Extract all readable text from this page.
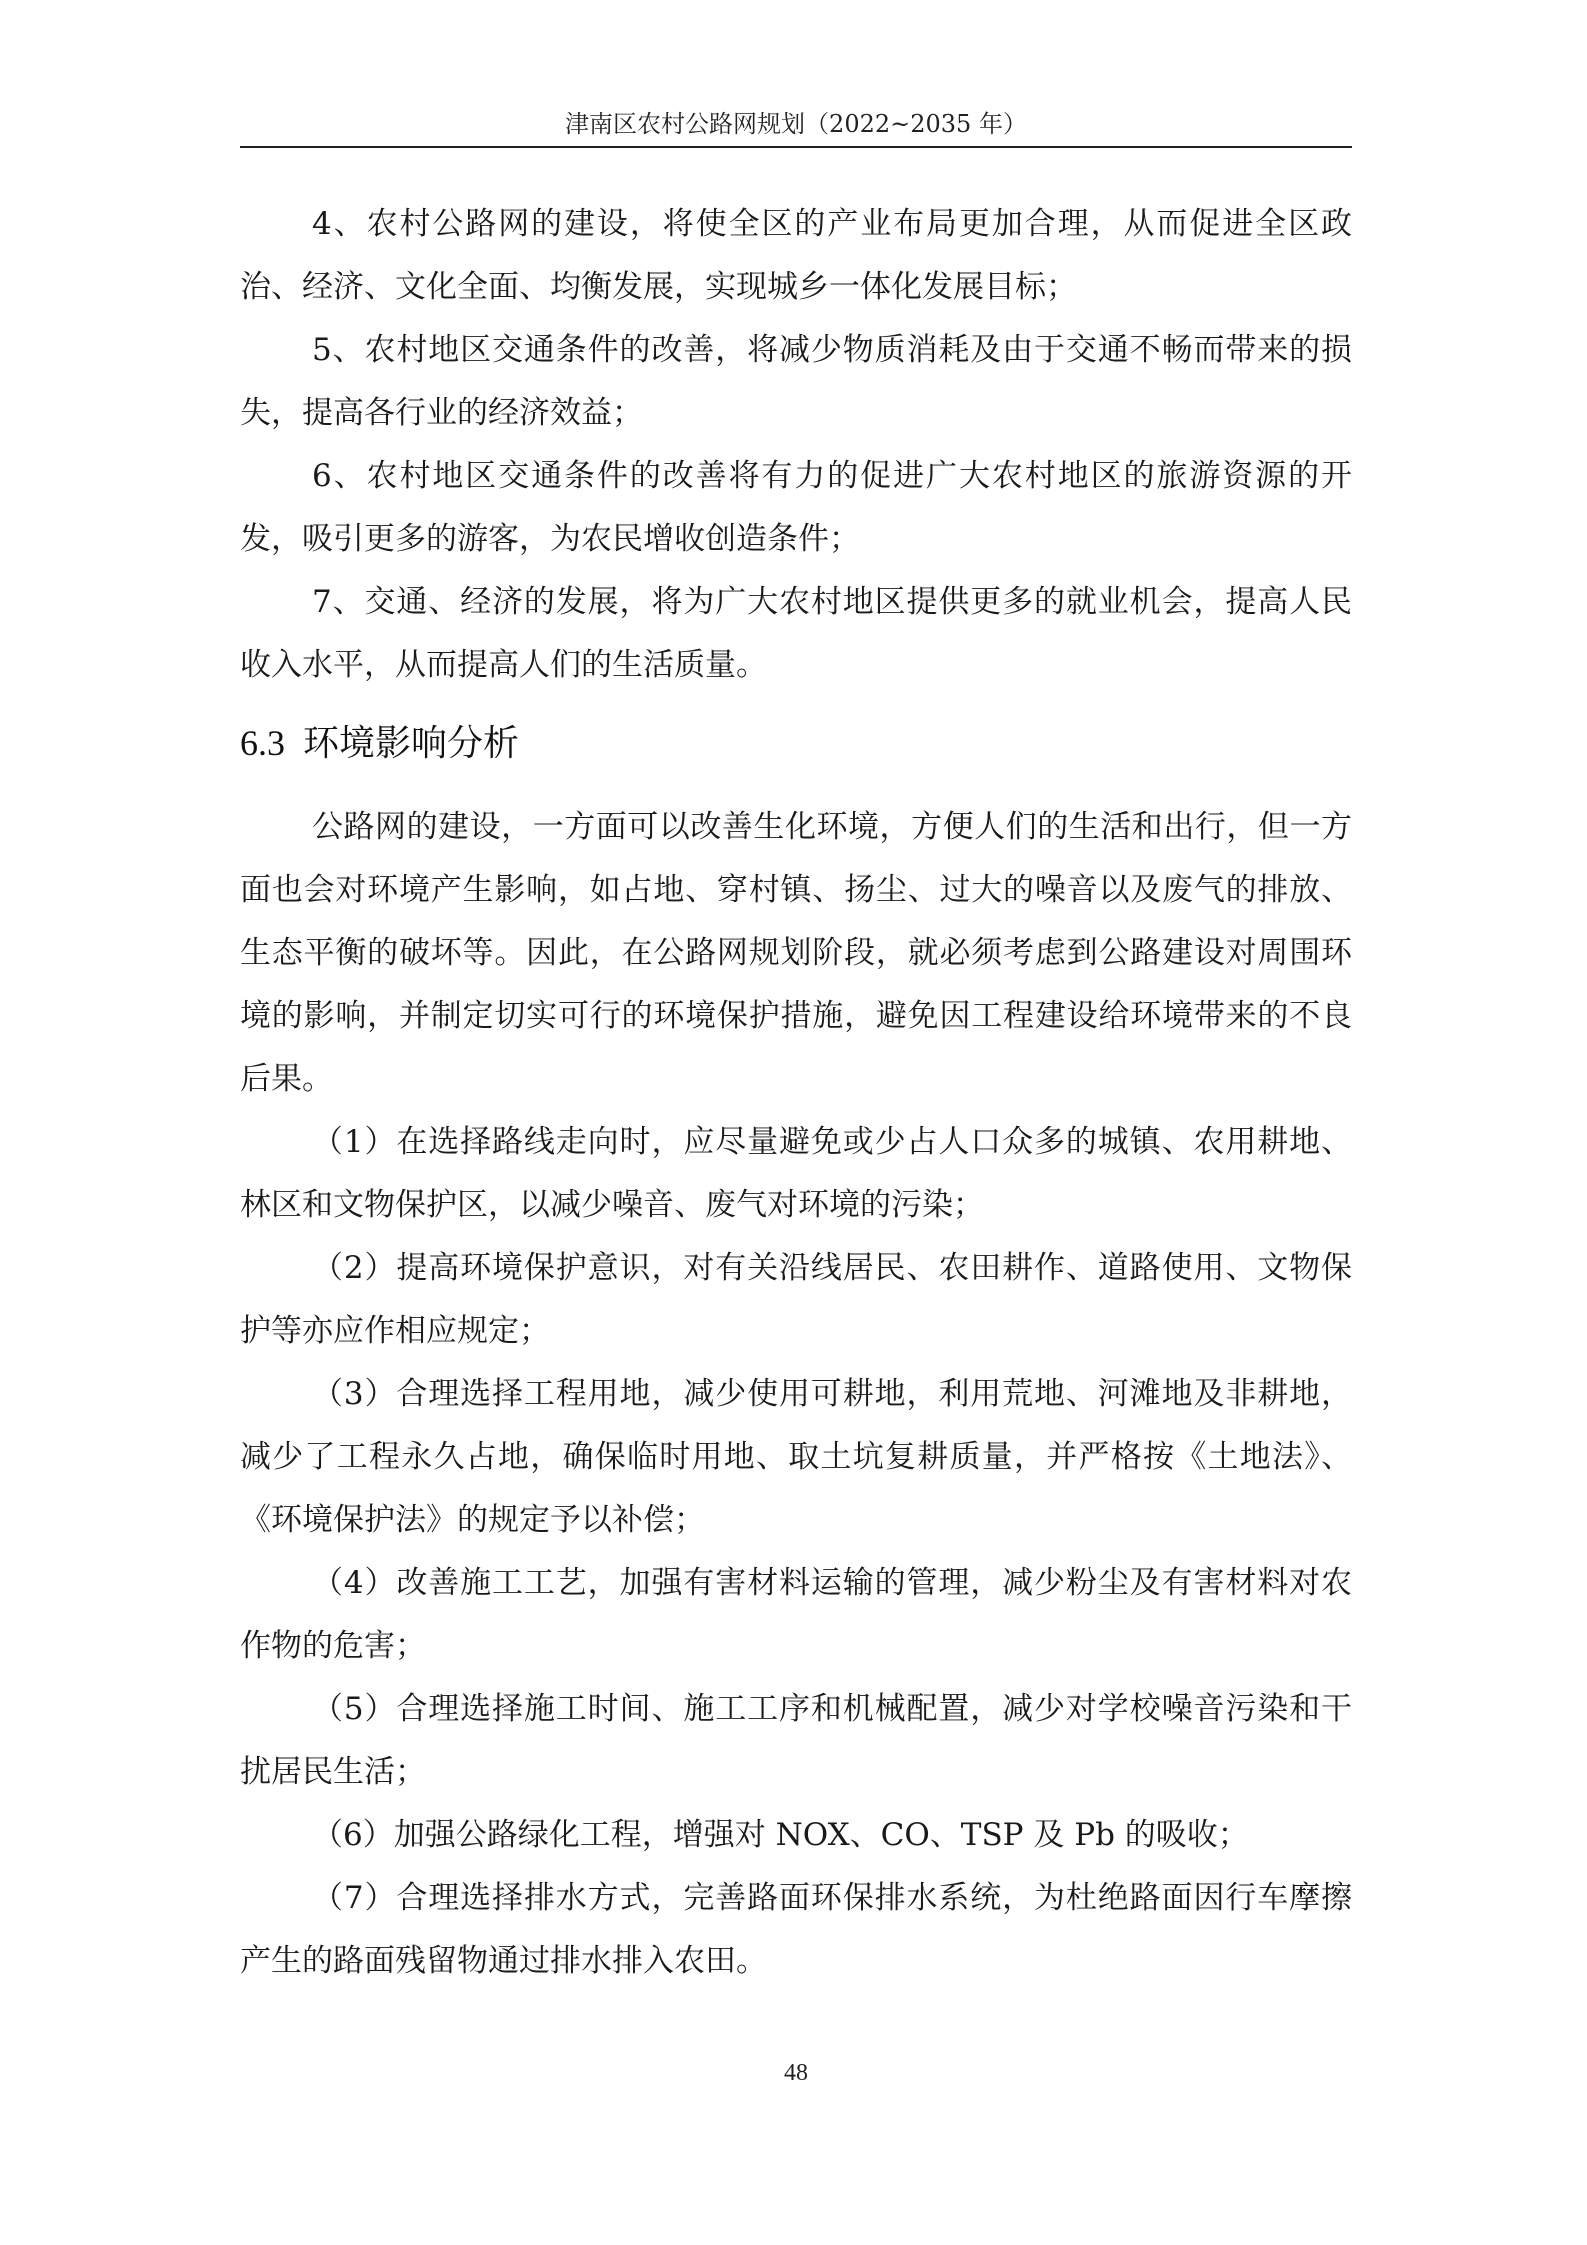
津南区农村公路网规划（2022~2035 年）

4、农村公路网的建设，将使全区的产业布局更加合理，从而促进全区政治、经济、文化全面、均衡发展，实现城乡一体化发展目标；

5、农村地区交通条件的改善，将减少物质消耗及由于交通不畅而带来的损失，提高各行业的经济效益；

6、农村地区交通条件的改善将有力的促进广大农村地区的旅游资源的开发，吸引更多的游客，为农民增收创造条件；

7、交通、经济的发展，将为广大农村地区提供更多的就业机会，提高人民收入水平，从而提高人们的生活质量。

6.3 环境影响分析

公路网的建设，一方面可以改善生化环境，方便人们的生活和出行，但一方面也会对环境产生影响，如占地、穿村镇、扬尘、过大的噪音以及废气的排放、生态平衡的破坏等。因此，在公路网规划阶段，就必须考虑到公路建设对周围环境的影响，并制定切实可行的环境保护措施，避免因工程建设给环境带来的不良后果。

（1）在选择路线走向时，应尽量避免或少占人口众多的城镇、农用耕地、林区和文物保护区，以减少噪音、废气对环境的污染；

（2）提高环境保护意识，对有关沿线居民、农田耕作、道路使用、文物保护等亦应作相应规定；

（3）合理选择工程用地，减少使用可耕地，利用荒地、河滩地及非耕地，减少了工程永久占地，确保临时用地、取土坑复耕质量，并严格按《土地法》、《环境保护法》的规定予以补偿；

（4）改善施工工艺，加强有害材料运输的管理，减少粉尘及有害材料对农作物的危害；

（5）合理选择施工时间、施工工序和机械配置，减少对学校噪音污染和干扰居民生活；

（6）加强公路绿化工程，增强对 NOX、CO、TSP 及 Pb 的吸收；

（7）合理选择排水方式，完善路面环保排水系统，为杜绝路面因行车摩擦产生的路面残留物通过排水排入农田。

48
